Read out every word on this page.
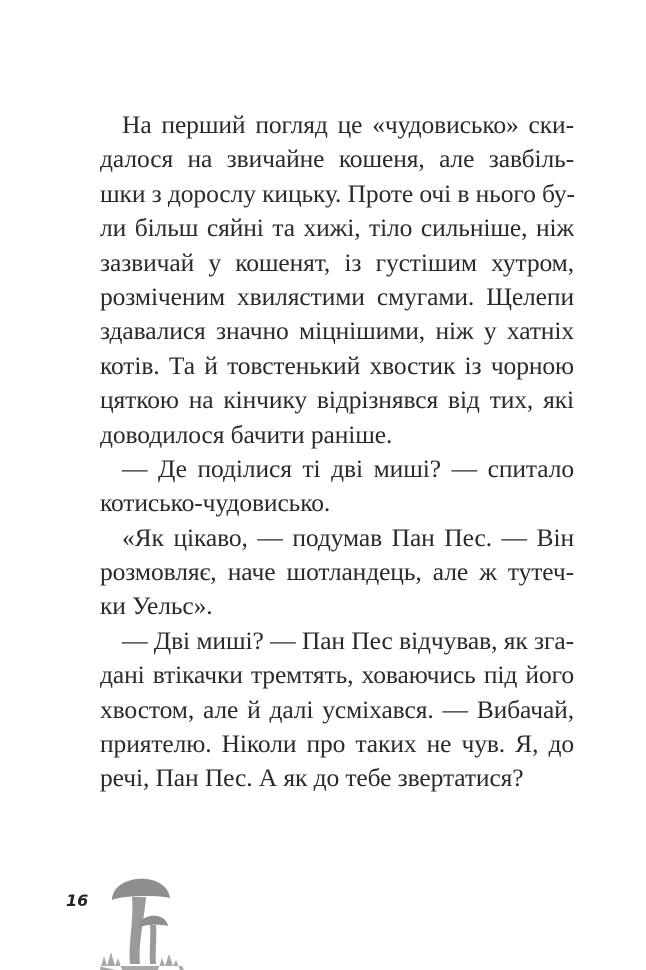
На перший погляд це «чудовисько» ски-
далося на звичайне кошеня, але завбіль-
шки з дорослу кицьку. Проте очі в нього бу-
ли більш сяйні та хижі, тіло сильніше, ніж
зазвичай у кошенят, із густішим хутром,
розміченим хвилястими смугами. Щелепи
здавалися значно міцнішими, ніж у хатніх
котів. Та й товстенький хвостик із чорною
цяткою на кінчику відрізнявся від тих, які
доводилося бачити раніше.
— Де поділися ті дві миші? — спитало
котисько-чудовисько.
«Як цікаво, — подумав Пан Пес. — Він
розмовляє, наче шотландець, але ж тутеч-
ки Уельс».
— Дві миші? — Пан Пес відчував, як зга-
дані втікачки тремтять, ховаючись під його
хвостом, але й далі усміхався. — Вибачай,
приятелю. Ніколи про таких не чув. Я, до
речі, Пан Пес. А як до тебе звертатися?
16
